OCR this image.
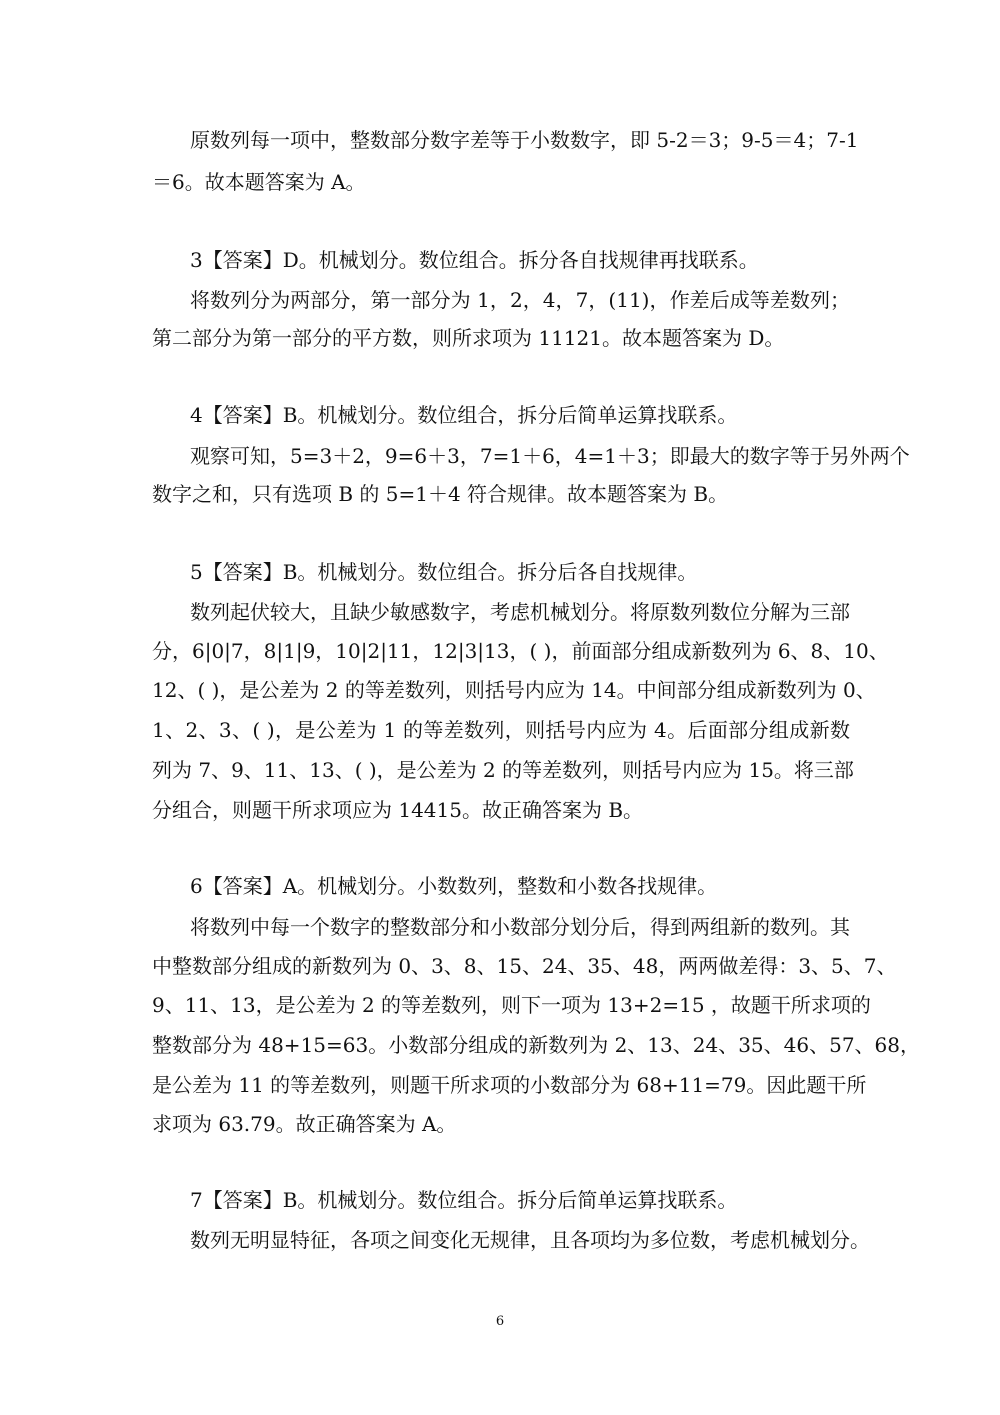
原数列每一项中，整数部分数字差等于小数数字，即 5-2＝3；9-5＝4；7-1
＝6。故本题答案为 A。
3【答案】D。机械划分。数位组合。拆分各自找规律再找联系。
将数列分为两部分，第一部分为 1，2，4，7，(11)，作差后成等差数列；
第二部分为第一部分的平方数，则所求项为 11121。故本题答案为 D。
4【答案】B。机械划分。数位组合，拆分后简单运算找联系。
观察可知，5=3＋2，9=6＋3，7=1＋6，4=1＋3；即最大的数字等于另外两个
数字之和，只有选项 B 的 5=1＋4 符合规律。故本题答案为 B。
5【答案】B。机械划分。数位组合。拆分后各自找规律。
数列起伏较大，且缺少敏感数字，考虑机械划分。将原数列数位分解为三部
分，6|0|7，8|1|9，10|2|11，12|3|13，( )，前面部分组成新数列为 6、8、10、
12、( )，是公差为 2 的等差数列，则括号内应为 14。中间部分组成新数列为 0、
1、2、3、( )，是公差为 1 的等差数列，则括号内应为 4。后面部分组成新数
列为 7、9、11、13、( )，是公差为 2 的等差数列，则括号内应为 15。将三部
分组合，则题干所求项应为 14415。故正确答案为 B。
6【答案】A。机械划分。小数数列，整数和小数各找规律。
将数列中每一个数字的整数部分和小数部分划分后，得到两组新的数列。其
中整数部分组成的新数列为 0、3、8、15、24、35、48，两两做差得：3、5、7、
9、11、13，是公差为 2 的等差数列，则下一项为 13+2=15 ，故题干所求项的
整数部分为 48+15=63。小数部分组成的新数列为 2、13、24、35、46、57、68，
是公差为 11 的等差数列，则题干所求项的小数部分为 68+11=79。因此题干所
求项为 63.79。故正确答案为 A。
7【答案】B。机械划分。数位组合。拆分后简单运算找联系。
数列无明显特征，各项之间变化无规律，且各项均为多位数，考虑机械划分。
6
